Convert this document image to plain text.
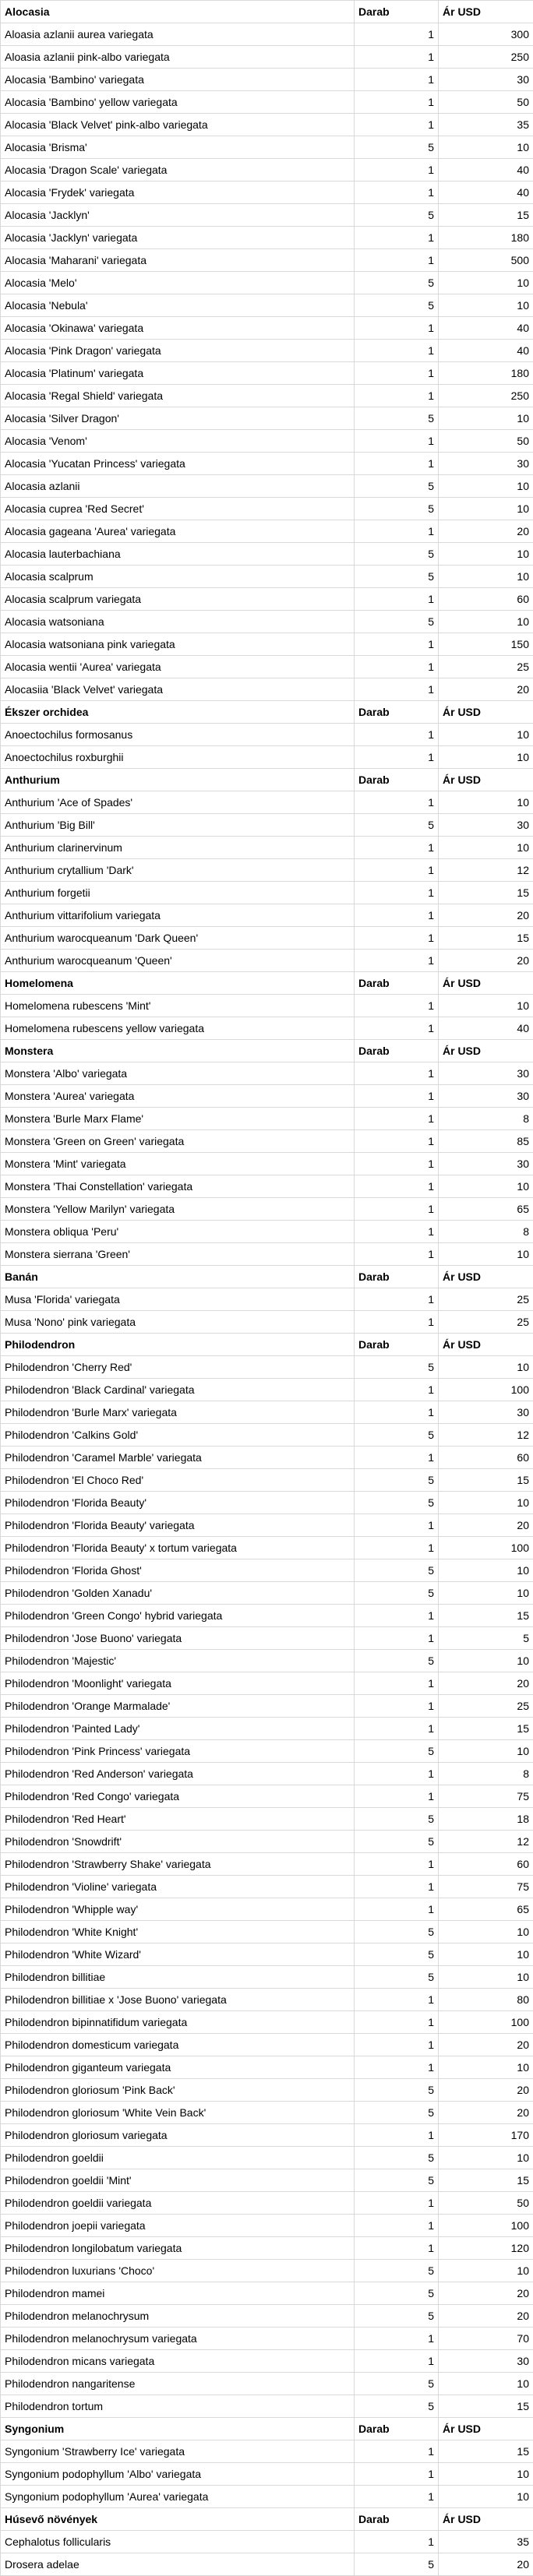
Alocasia	Darab	Ár USD
Aloasia azlanii aurea variegata	1	300
Aloasia azlanii pink-albo variegata	1	250
Alocasia 'Bambino' variegata	1	30
Alocasia 'Bambino' yellow variegata	1	50
Alocasia 'Black Velvet' pink-albo variegata	1	35
Alocasia 'Brisma'	5	10
Alocasia 'Dragon Scale' variegata	1	40
Alocasia 'Frydek' variegata	1	40
Alocasia 'Jacklyn'	5	15
Alocasia 'Jacklyn' variegata	1	180
Alocasia 'Maharani' variegata	1	500
Alocasia 'Melo'	5	10
Alocasia 'Nebula'	5	10
Alocasia 'Okinawa' variegata	1	40
Alocasia 'Pink Dragon' variegata	1	40
Alocasia 'Platinum' variegata	1	180
Alocasia 'Regal Shield' variegata	1	250
Alocasia 'Silver Dragon'	5	10
Alocasia 'Venom'	1	50
Alocasia 'Yucatan Princess' variegata	1	30
Alocasia azlanii	5	10
Alocasia cuprea 'Red Secret'	5	10
Alocasia gageana 'Aurea' variegata	1	20
Alocasia lauterbachiana	5	10
Alocasia scalprum	5	10
Alocasia scalprum variegata	1	60
Alocasia watsoniana	5	10
Alocasia watsoniana pink variegata	1	150
Alocasia wentii 'Aurea' variegata	1	25
Alocasiia 'Black Velvet' variegata	1	20
Ékszer orchidea	Darab	Ár USD
Anoectochilus formosanus	1	10
Anoectochilus roxburghii	1	10
Anthurium	Darab	Ár USD
Anthurium 'Ace of Spades'	1	10
Anthurium 'Big Bill'	5	30
Anthurium clarinervinum	1	10
Anthurium crytallium 'Dark'	1	12
Anthurium forgetii	1	15
Anthurium vittarifolium variegata	1	20
Anthurium warocqueanum 'Dark Queen'	1	15
Anthurium warocqueanum 'Queen'	1	20
Homelomena	Darab	Ár USD
Homelomena rubescens 'Mint'	1	10
Homelomena rubescens yellow variegata	1	40
Monstera	Darab	Ár USD
Monstera 'Albo' variegata	1	30
Monstera 'Aurea' variegata	1	30
Monstera 'Burle Marx Flame'	1	8
Monstera 'Green on Green' variegata	1	85
Monstera 'Mint' variegata	1	30
Monstera 'Thai Constellation' variegata	1	10
Monstera 'Yellow Marilyn' variegata	1	65
Monstera obliqua 'Peru'	1	8
Monstera sierrana 'Green'	1	10
Banán	Darab	Ár USD
Musa 'Florida' variegata	1	25
Musa 'Nono' pink variegata	1	25
Philodendron	Darab	Ár USD
Philodendron 'Cherry Red'	5	10
Philodendron 'Black Cardinal' variegata	1	100
Philodendron 'Burle Marx' variegata	1	30
Philodendron 'Calkins Gold'	5	12
Philodendron 'Caramel Marble' variegata	1	60
Philodendron 'El Choco Red'	5	15
Philodendron 'Florida Beauty'	5	10
Philodendron 'Florida Beauty' variegata	1	20
Philodendron 'Florida Beauty' x tortum variegata	1	100
Philodendron 'Florida Ghost'	5	10
Philodendron 'Golden Xanadu'	5	10
Philodendron 'Green Congo' hybrid variegata	1	15
Philodendron 'Jose Buono' variegata	1	5
Philodendron 'Majestic'	5	10
Philodendron 'Moonlight' variegata	1	20
Philodendron 'Orange Marmalade'	1	25
Philodendron 'Painted Lady'	1	15
Philodendron 'Pink Princess' variegata	5	10
Philodendron 'Red Anderson' variegata	1	8
Philodendron 'Red Congo' variegata	1	75
Philodendron 'Red Heart'	5	18
Philodendron 'Snowdrift'	5	12
Philodendron 'Strawberry Shake' variegata	1	60
Philodendron 'Violine' variegata	1	75
Philodendron 'Whipple way'	1	65
Philodendron 'White Knight'	5	10
Philodendron 'White Wizard'	5	10
Philodendron billitiae	5	10
Philodendron billitiae x 'Jose Buono' variegata	1	80
Philodendron bipinnatifidum variegata	1	100
Philodendron domesticum variegata	1	20
Philodendron giganteum variegata	1	10
Philodendron gloriosum 'Pink Back'	5	20
Philodendron gloriosum 'White Vein Back'	5	20
Philodendron gloriosum variegata	1	170
Philodendron goeldii	5	10
Philodendron goeldii 'Mint'	5	15
Philodendron goeldii variegata	1	50
Philodendron joepii variegata	1	100
Philodendron longilobatum variegata	1	120
Philodendron luxurians 'Choco'	5	10
Philodendron mamei	5	20
Philodendron melanochrysum	5	20
Philodendron melanochrysum variegata	1	70
Philodendron micans variegata	1	30
Philodendron nangaritense	5	10
Philodendron tortum	5	15
Syngonium	Darab	Ár USD
Syngonium 'Strawberry Ice' variegata	1	15
Syngonium podophyllum 'Albo' variegata	1	10
Syngonium podophyllum 'Aurea' variegata	1	10
Húsevő növények	Darab	Ár USD
Cephalotus follicularis	1	35
Drosera adelae	5	20
